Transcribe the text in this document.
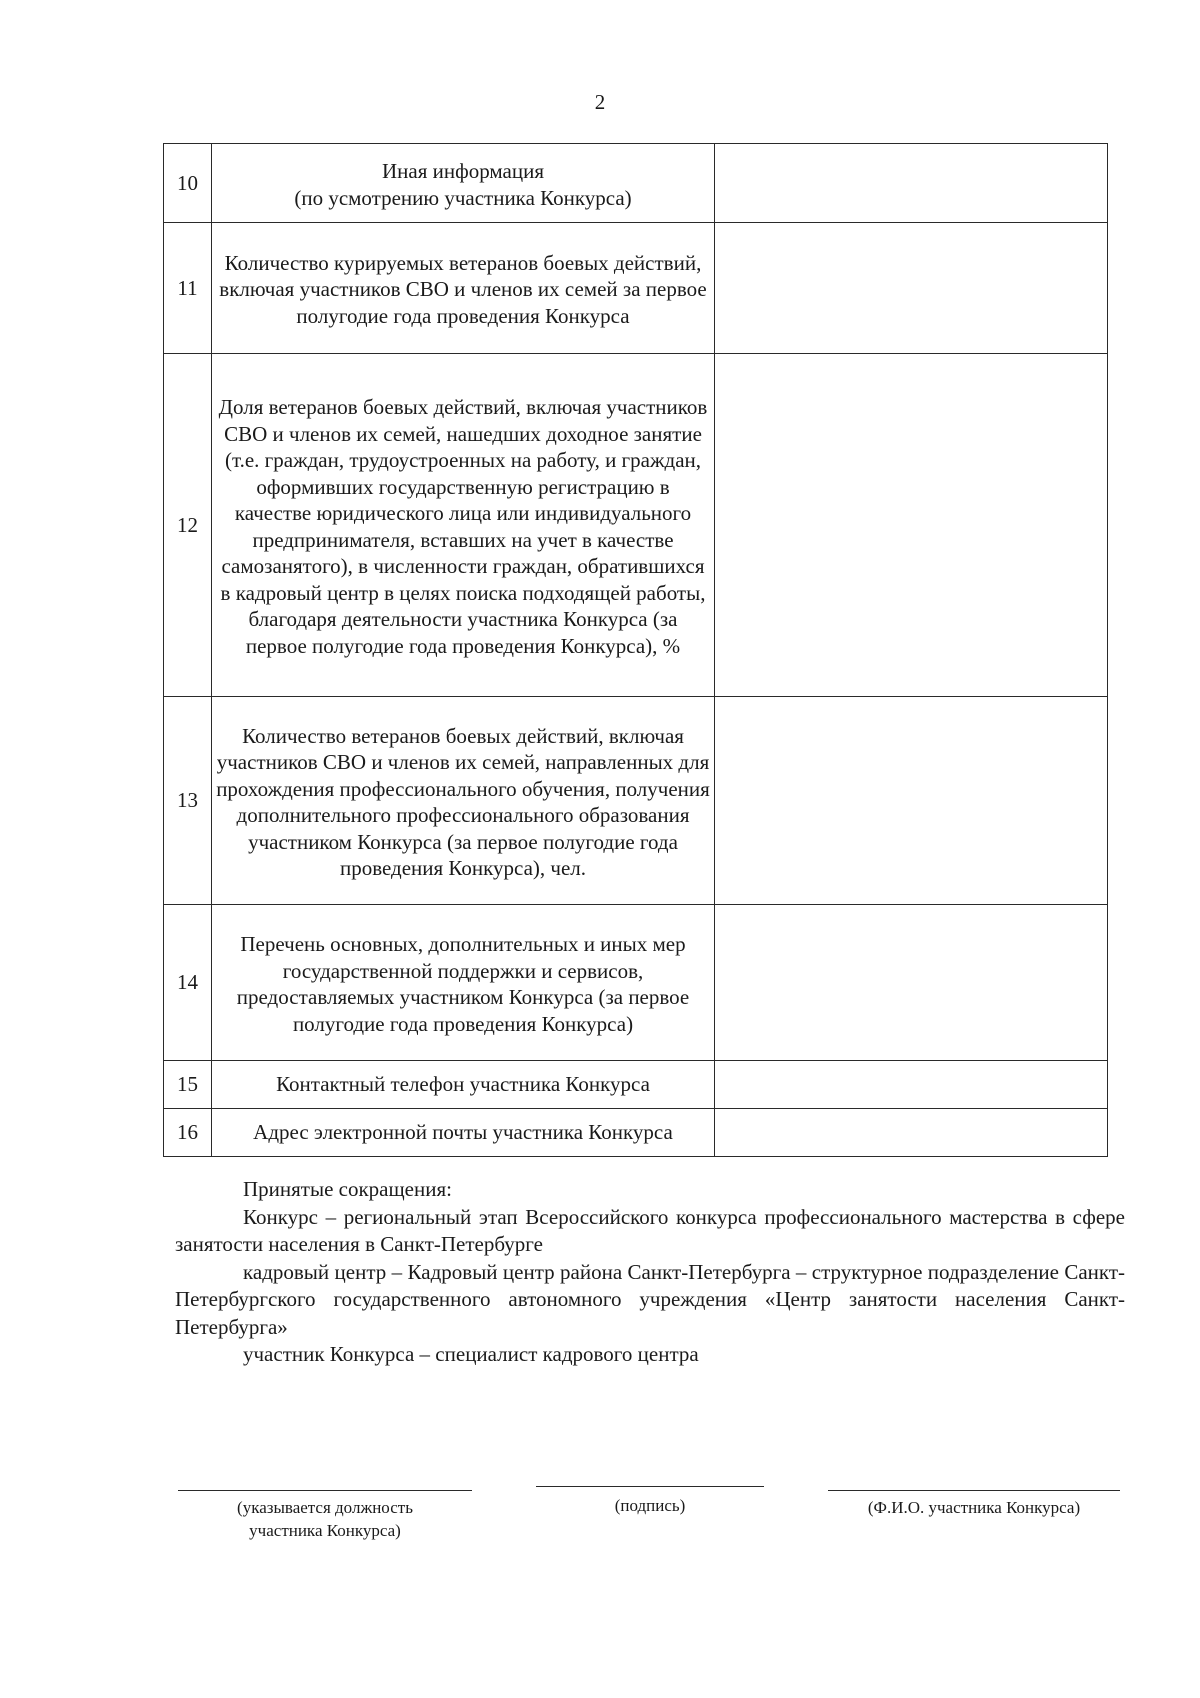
2
10	Иная информация
(по усмотрению участника Конкурса)	
11	Количество курируемых ветеранов боевых действий, включая участников СВО и членов их семей за первое полугодие года проведения Конкурса	
12	Доля ветеранов боевых действий, включая участников СВО и членов их семей, нашедших доходное занятие (т.е. граждан, трудоустроенных на работу, и граждан, оформивших государственную регистрацию в качестве юридического лица или индивидуального предпринимателя, вставших на учет в качестве самозанятого), в численности граждан, обратившихся в кадровый центр в целях поиска подходящей работы, благодаря деятельности участника Конкурса (за первое полугодие года проведения Конкурса), %	
13	Количество ветеранов боевых действий, включая участников СВО и членов их семей, направленных для прохождения профессионального обучения, получения дополнительного профессионального образования участником Конкурса (за первое полугодие года проведения Конкурса), чел.	
14	Перечень основных, дополнительных и иных мер государственной поддержки и сервисов, предоставляемых участником Конкурса (за первое полугодие года проведения Конкурса)	
15	Контактный телефон участника Конкурса	
16	Адрес электронной почты участника Конкурса	

Принятые сокращения:

Конкурс – региональный этап Всероссийского конкурса профессионального мастерства в сфере занятости населения в Санкт-Петербурге

кадровый центр – Кадровый центр района Санкт-Петербурга – структурное подразделение Санкт-Петербургского государственного автономного учреждения «Центр занятости населения Санкт-Петербурга»

участник Конкурса – специалист кадрового центра

(указывается должность
участника Конкурса)
(подпись)	(Ф.И.О. участника Конкурса)
